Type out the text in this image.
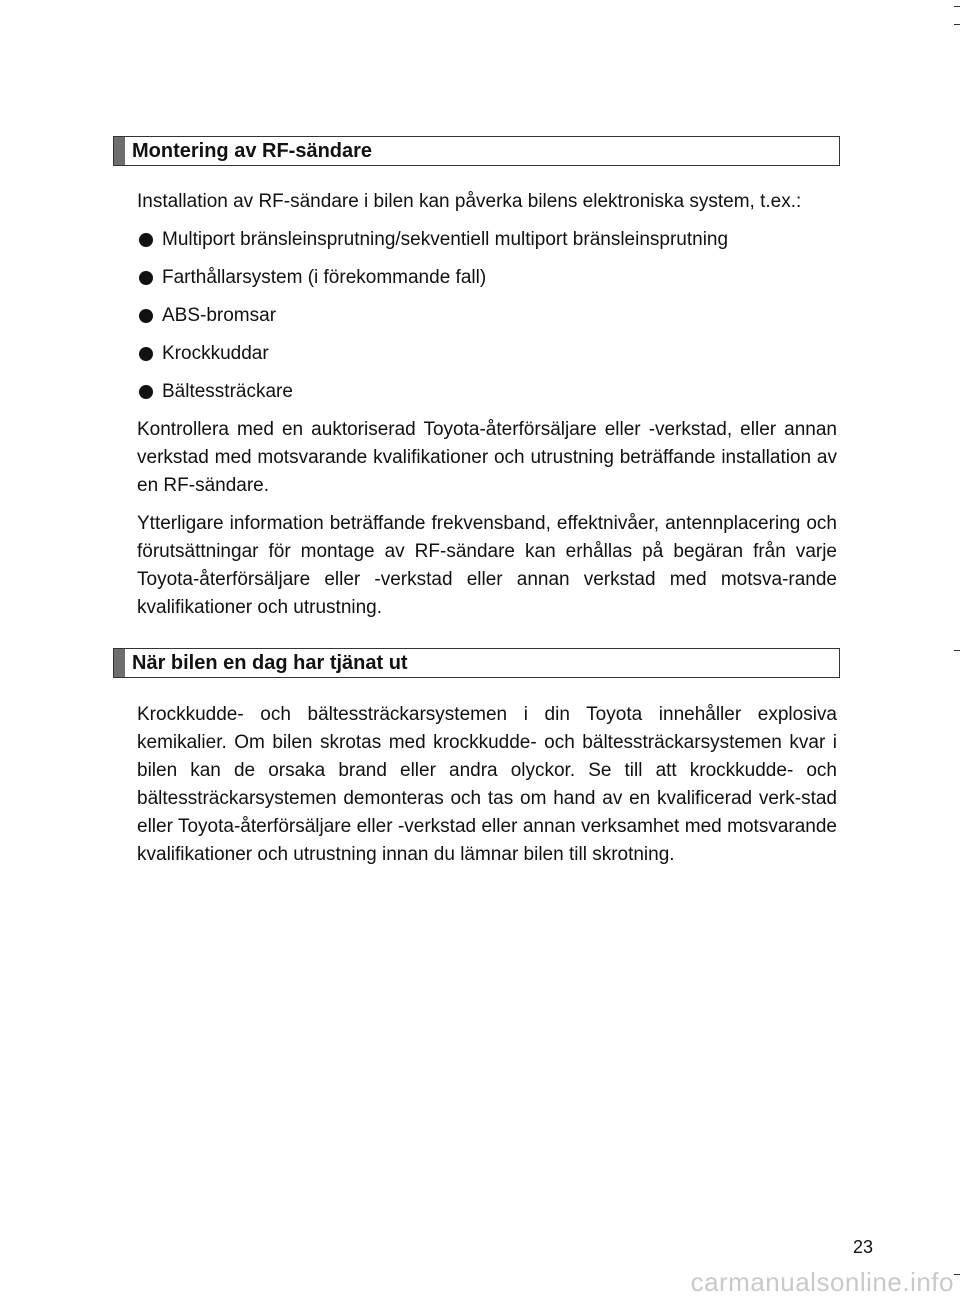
Montering av RF-sändare

Installation av RF-sändare i bilen kan påverka bilens elektroniska system, t.ex.:

Multiport bränsleinsprutning/sekventiell multiport bränsleinsprutning
Farthållarsystem (i förekommande fall)
ABS-bromsar
Krockkuddar
Bältessträckare

Kontrollera med en auktoriserad Toyota-återförsäljare eller -verkstad, eller annan verkstad med motsvarande kvalifikationer och utrustning beträffande installation av en RF-sändare.

Ytterligare information beträffande frekvensband, effektnivåer, antennplacering och förutsättningar för montage av RF-sändare kan erhållas på begäran från varje Toyota-återförsäljare eller -verkstad eller annan verkstad med motsva-rande kvalifikationer och utrustning.

När bilen en dag har tjänat ut

Krockkudde- och bältessträckarsystemen i din Toyota innehåller explosiva kemikalier. Om bilen skrotas med krockkudde- och bältessträckarsystemen kvar i bilen kan de orsaka brand eller andra olyckor. Se till att krockkudde- och bältessträckarsystemen demonteras och tas om hand av en kvalificerad verk-stad eller Toyota-återförsäljare eller -verkstad eller annan verksamhet med motsvarande kvalifikationer och utrustning innan du lämnar bilen till skrotning.

23
carmanualsonline.info
